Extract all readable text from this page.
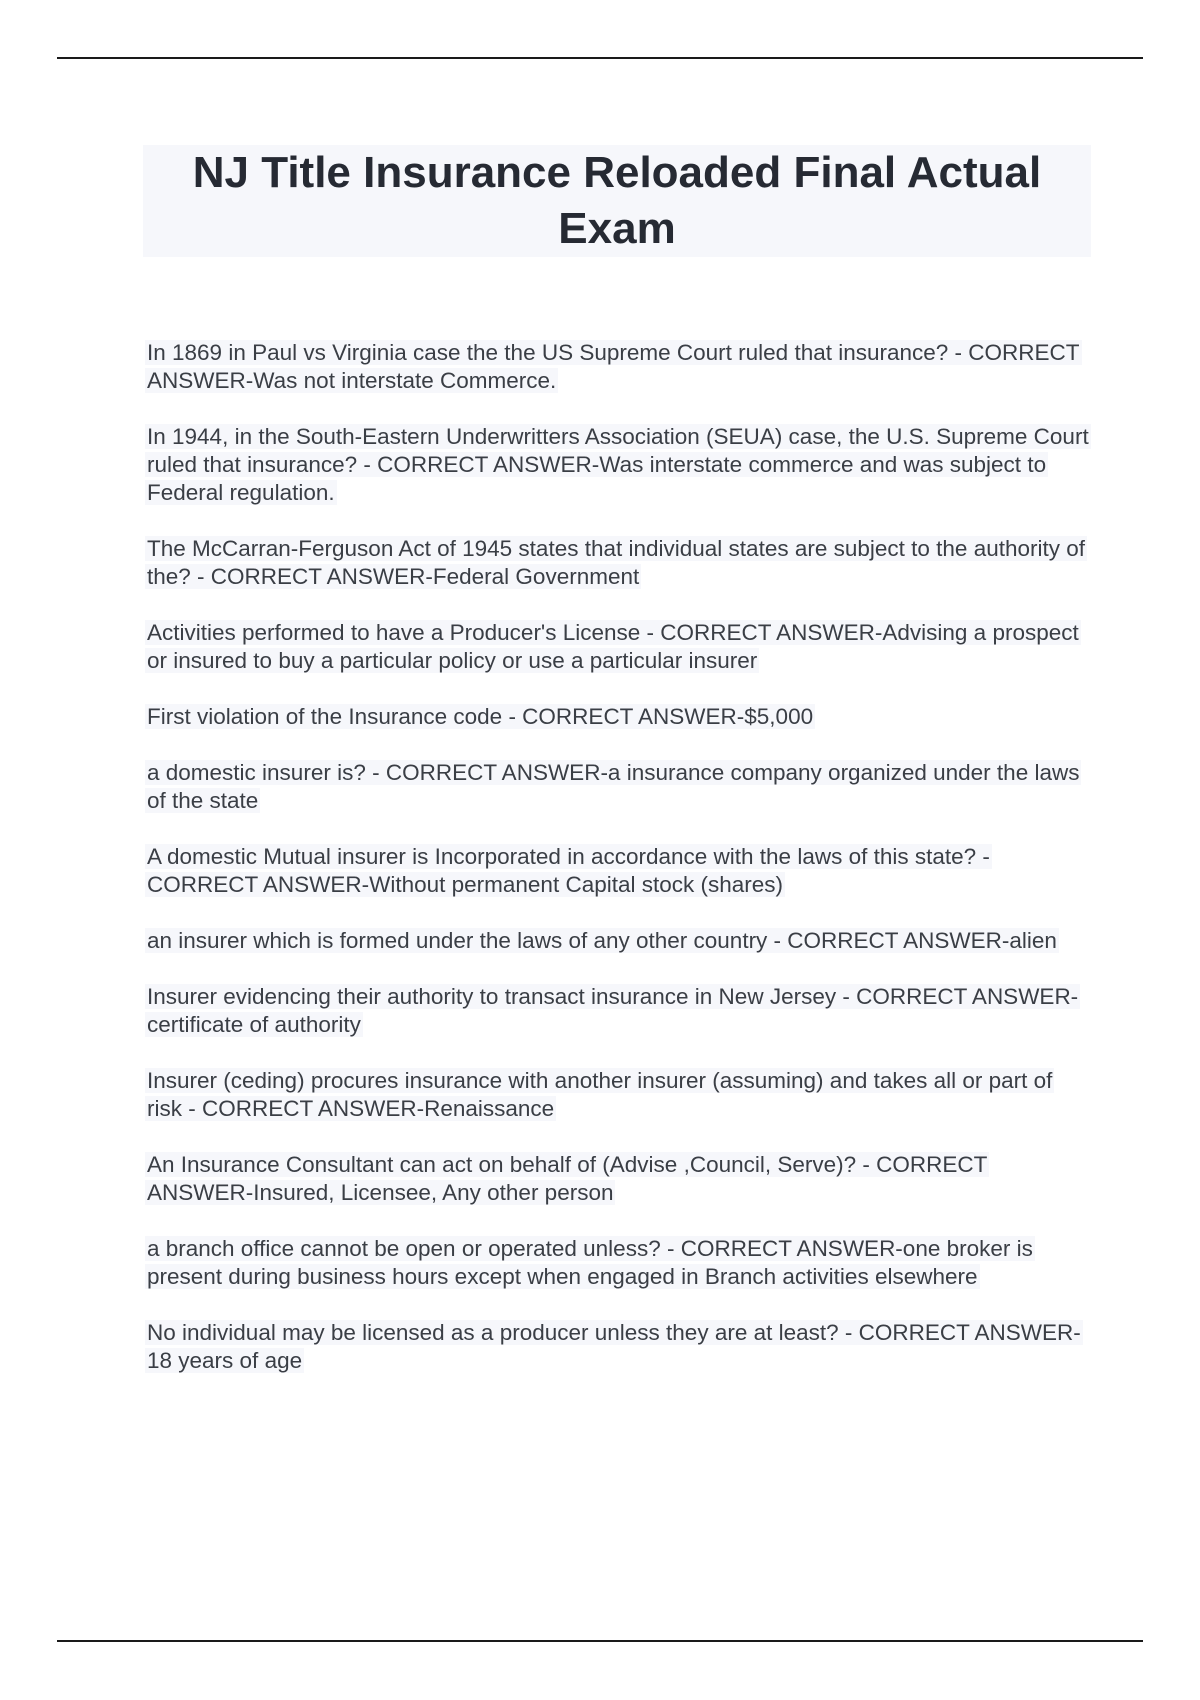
NJ Title Insurance Reloaded Final Actual Exam

In 1869 in Paul vs Virginia case the the US Supreme Court ruled that insurance? - CORRECT ANSWER-Was not interstate Commerce.

In 1944, in the South-Eastern Underwritters Association (SEUA) case, the U.S. Supreme Court ruled that insurance? - CORRECT ANSWER-Was interstate commerce and was subject to Federal regulation.

The McCarran-Ferguson Act of 1945 states that individual states are subject to the authority of the? - CORRECT ANSWER-Federal Government

Activities performed to have a Producer's License - CORRECT ANSWER-Advising a prospect or insured to buy a particular policy or use a particular insurer

First violation of the Insurance code - CORRECT ANSWER-$5,000

a domestic insurer is? - CORRECT ANSWER-a insurance company organized under the laws of the state

A domestic Mutual insurer is Incorporated in accordance with the laws of this state? - CORRECT ANSWER-Without permanent Capital stock (shares)

an insurer which is formed under the laws of any other country - CORRECT ANSWER-alien

Insurer evidencing their authority to transact insurance in New Jersey - CORRECT ANSWER-certificate of authority

Insurer (ceding) procures insurance with another insurer (assuming) and takes all or part of risk - CORRECT ANSWER-Renaissance

An Insurance Consultant can act on behalf of (Advise ,Council, Serve)? - CORRECT ANSWER-Insured, Licensee, Any other person

a branch office cannot be open or operated unless? - CORRECT ANSWER-one broker is present during business hours except when engaged in Branch activities elsewhere

No individual may be licensed as a producer unless they are at least? - CORRECT ANSWER-18 years of age
